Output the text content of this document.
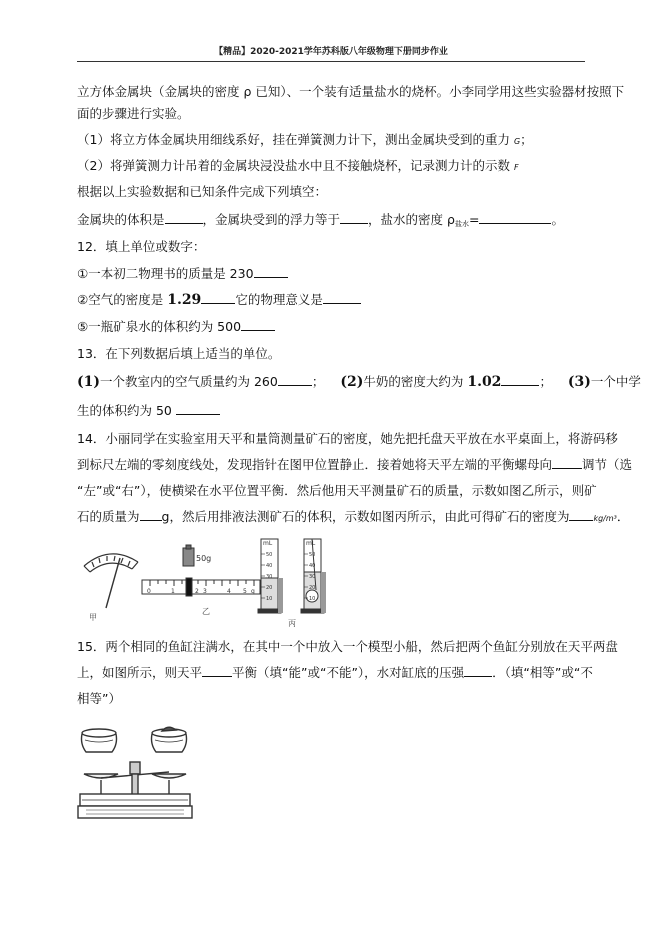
【精品】2020-2021学年苏科版八年级物理下册同步作业
立方体金属块（金属块的密度 ρ 已知）、一个装有适量盐水的烧杯。小李同学用这些实验器材按照下
面的步骤进行实验。
（1）将立方体金属块用细线系好，挂在弹簧测力计下，测出金属块受到的重力 G；
（2）将弹簧测力计吊着的金属块浸没盐水中且不接触烧杯，记录测力计的示数 F
根据以上实验数据和已知条件完成下列填空：
金属块的体积是	，金属块受到的浮力等于 ，盐水的密度 $\rho_{盐水}=$	。
12．填上单位或数字：
①一本初二物理书的质量是 230
②空气的密度是 1.29	它的物理意义是
⑤一瓶矿泉水的体积约为 500
13．在下列数据后填上适当的单位。
(1)一个教室内的空气质量约为 260	； (2)牛奶的密度大约为 1.02	； (3)一个中学
生的体积约为 50
14．小丽同学在实验室用天平和量筒测量矿石的密度，她先把托盘天平放在水平桌面上，将游码移
到标尺左端的零刻度线处，发现指针在图甲位置静止．接着她将天平左端的平衡螺母向 调节（选
“左”或“右”），使横梁在水平位置平衡．然后他用天平测量矿石的质量，示数如图乙所示，则矿
石的质量为 g，然后用排液法测矿石的体积，示数如图丙所示，由此可得矿石的密度为	kg/m³．
0	1	2 3	4 5 g
50g
mL	mL
50
40
30
20
10
50
40
30
20
10
甲
乙
丙
15．两个相同的鱼缸注满水，在其中一个中放入一个模型小船，然后把两个鱼缸分别放在天平两盘
上，如图所示，则天平 平衡（填“能”或“不能”），水对缸底的压强 ．（填“相等”或“不
相等”）
